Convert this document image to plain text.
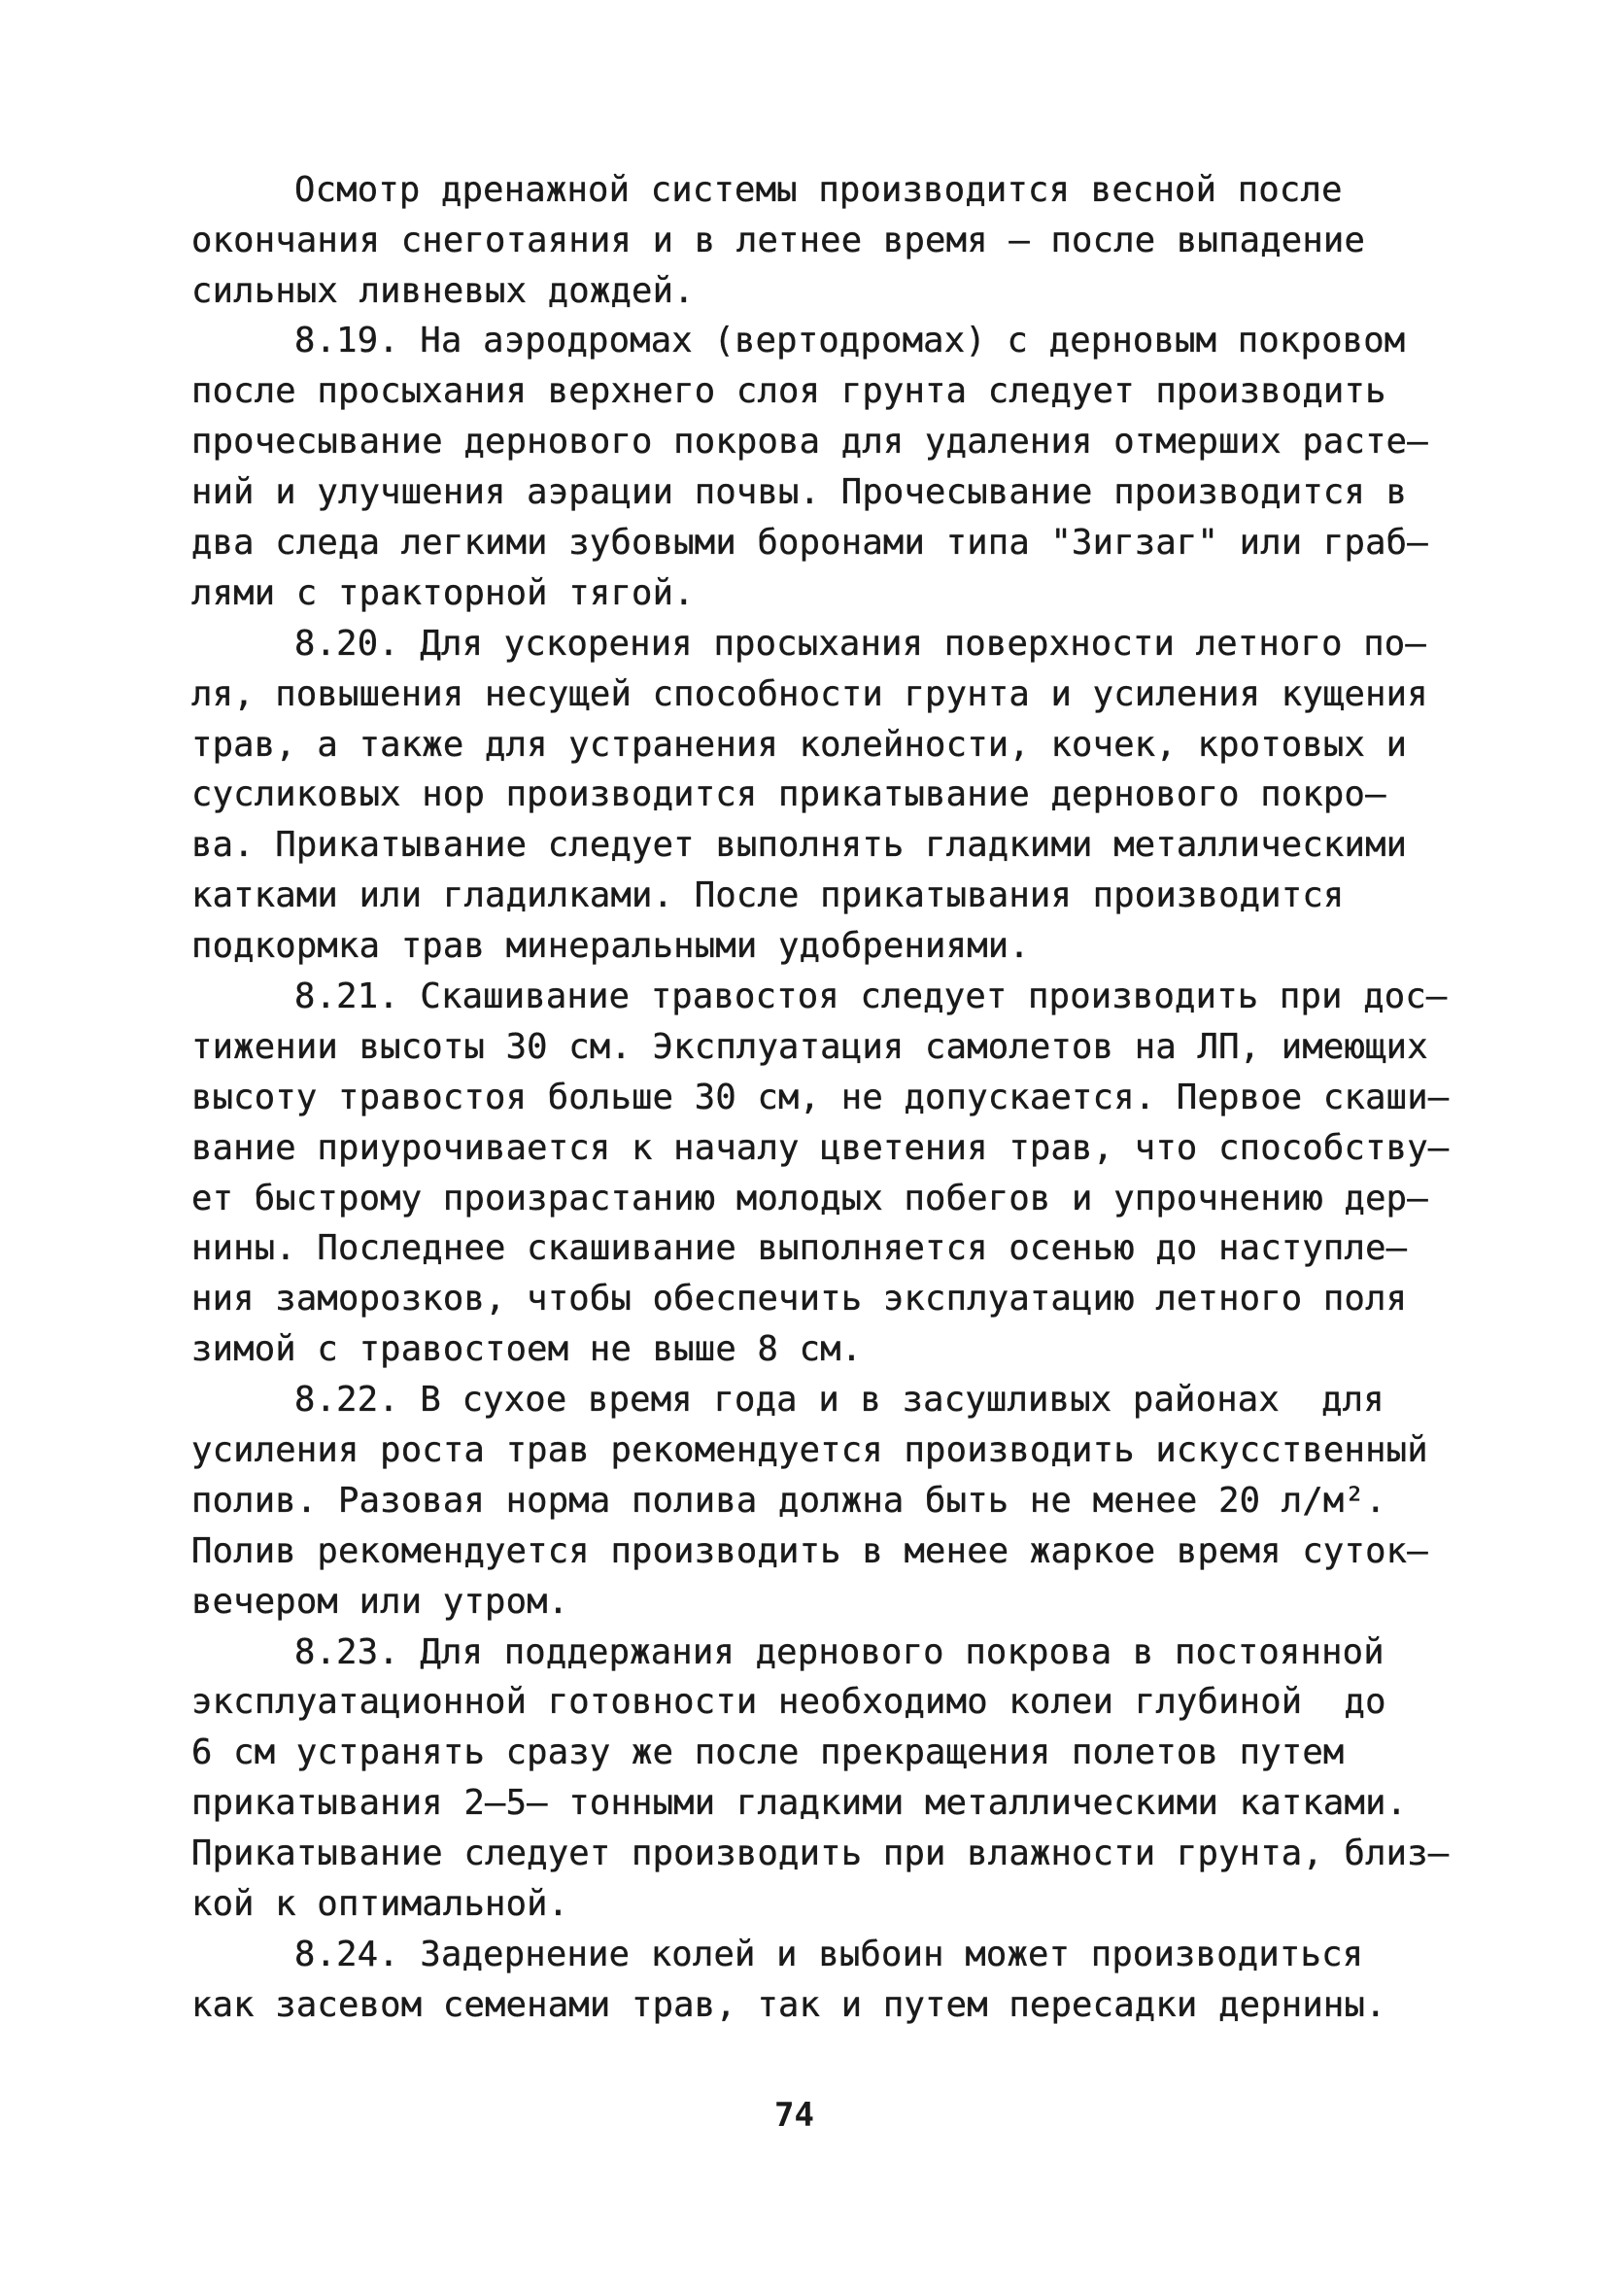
Осмотр дренажной системы производится весной после
окончания снеготаяния и в летнее время – после выпадение
сильных ливневых дождей.
8.19. На аэродромах (вертодромах) с дерновым покровом
после просыхания верхнего слоя грунта следует производить
прочесывание дернового покрова для удаления отмерших расте–
ний и улучшения аэрации почвы. Прочесывание производится в
два следа легкими зубовыми боронами типа "Зигзаг" или граб–
лями с тракторной тягой.
8.20. Для ускорения просыхания поверхности летного по–
ля, повышения несущей способности грунта и усиления кущения
трав, а также для устранения колейности, кочек, кротовых и
сусликовых нор производится прикатывание дернового покро–
ва. Прикатывание следует выполнять гладкими металлическими
катками или гладилками. После прикатывания производится
подкормка трав минеральными удобрениями.
8.21. Скашивание травостоя следует производить при дос–
тижении высоты 30 см. Эксплуатация самолетов на ЛП, имеющих
высоту травостоя больше 30 см, не допускается. Первое скаши–
вание приурочивается к началу цветения трав, что способству–
ет быстрому произрастанию молодых побегов и упрочнению дер–
нины. Последнее скашивание выполняется осенью до наступле–
ния заморозков, чтобы обеспечить эксплуатацию летного поля
зимой с травостоем не выше 8 см.
8.22. В сухое время года и в засушливых районах  для
усиления роста трав рекомендуется производить искусственный
полив. Разовая норма полива должна быть не менее 20 л/м².
Полив рекомендуется производить в менее жаркое время суток–
вечером или утром.
8.23. Для поддержания дернового покрова в постоянной
эксплуатационной готовности необходимо колеи глубиной  до
6 см устранять сразу же после прекращения полетов путем
прикатывания 2–5– тонными гладкими металлическими катками.
Прикатывание следует производить при влажности грунта, близ–
кой к оптимальной.
8.24. Задернение колей и выбоин может производиться
как засевом семенами трав, так и путем пересадки дернины.
74
